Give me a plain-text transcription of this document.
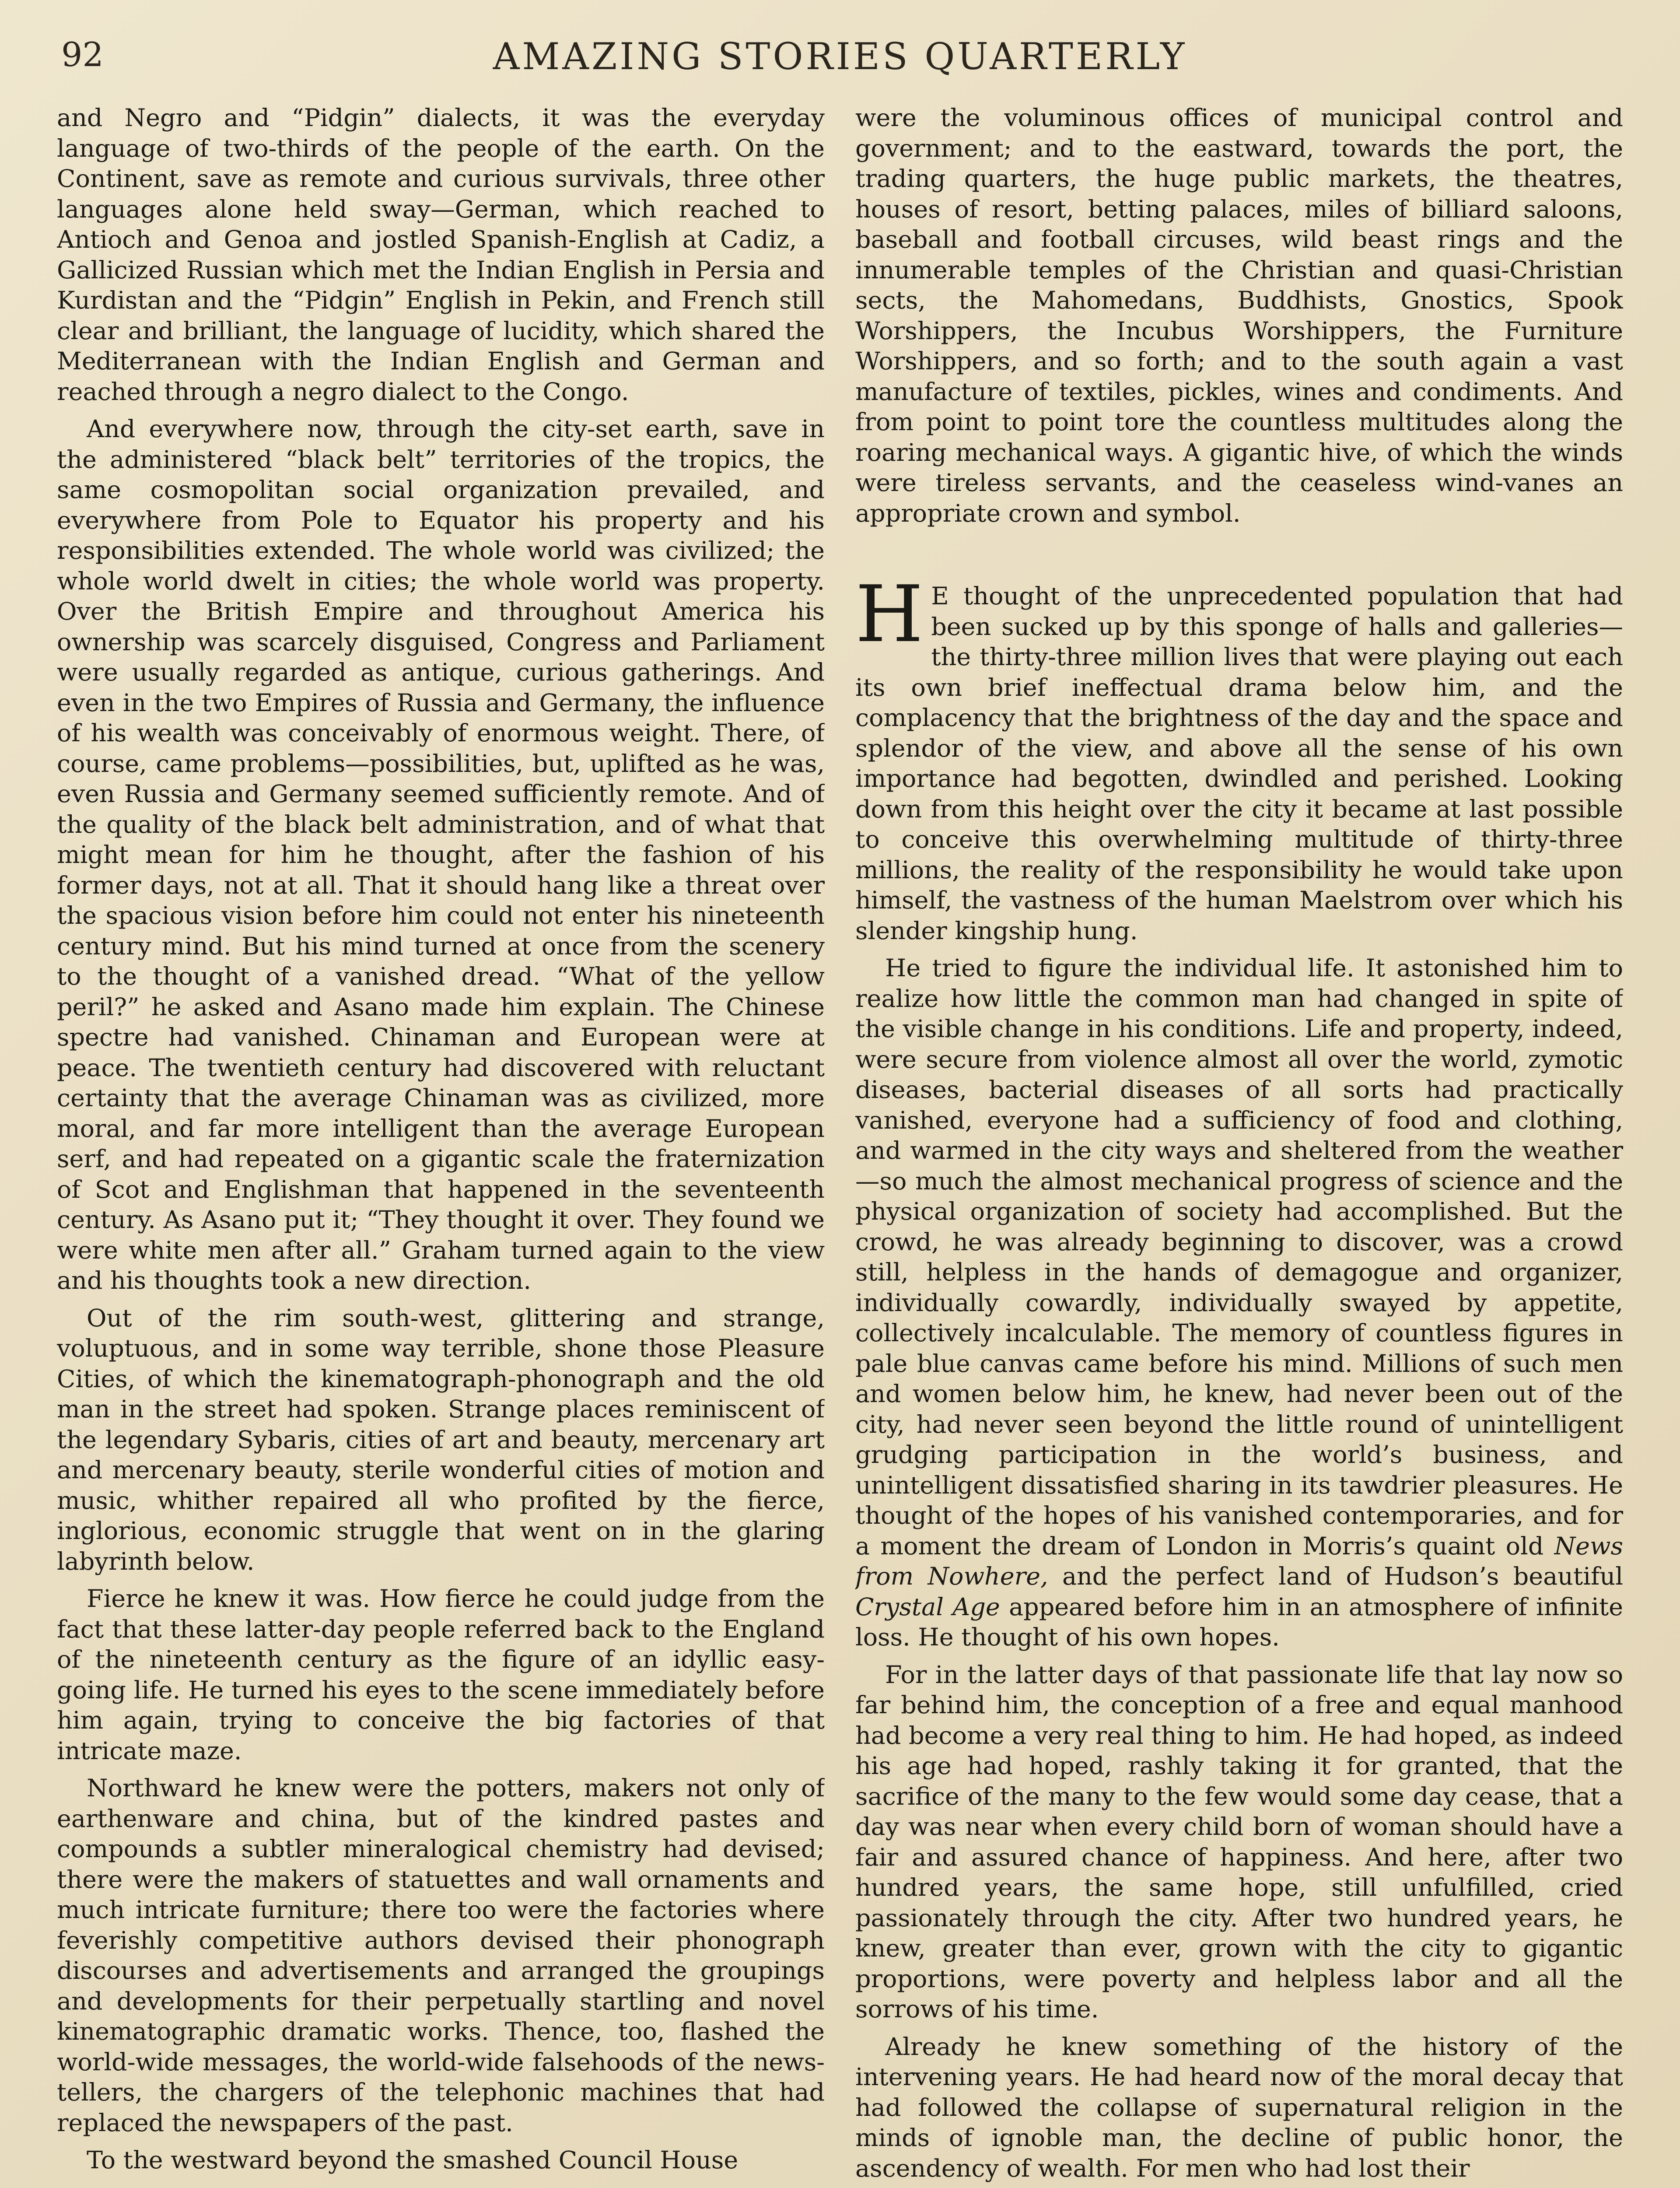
92	AMAZING STORIES QUARTERLY

and Negro and “Pidgin” dialects, it was the everyday language of two-thirds of the people of the earth. On the Continent, save as remote and curious survivals, three other languages alone held sway—German, which reached to Antioch and Genoa and jostled Spanish-English at Cadiz, a Gallicized Russian which met the Indian English in Persia and Kurdistan and the “Pidgin” English in Pekin, and French still clear and brilliant, the language of lucidity, which shared the Mediterranean with the Indian English and German and reached through a negro dialect to the Congo.

And everywhere now, through the city-set earth, save in the administered “black belt” territories of the tropics, the same cosmopolitan social organization prevailed, and everywhere from Pole to Equator his property and his responsibilities extended. The whole world was civilized; the whole world dwelt in cities; the whole world was property. Over the British Empire and throughout America his ownership was scarcely disguised, Congress and Parliament were usually regarded as antique, curious gatherings. And even in the two Empires of Russia and Germany, the influence of his wealth was conceivably of enormous weight. There, of course, came problems—possibilities, but, uplifted as he was, even Russia and Germany seemed sufficiently remote. And of the quality of the black belt administration, and of what that might mean for him he thought, after the fashion of his former days, not at all. That it should hang like a threat over the spacious vision before him could not enter his nineteenth century mind. But his mind turned at once from the scenery to the thought of a vanished dread. “What of the yellow peril?” he asked and Asano made him explain. The Chinese spectre had vanished. Chinaman and European were at peace. The twentieth century had discovered with reluctant certainty that the average Chinaman was as civilized, more moral, and far more intelligent than the average European serf, and had repeated on a gigantic scale the fraternization of Scot and Englishman that happened in the seventeenth century. As Asano put it; “They thought it over. They found we were white men after all.” Graham turned again to the view and his thoughts took a new direction.

Out of the rim south-west, glittering and strange, voluptuous, and in some way terrible, shone those Pleasure Cities, of which the kinematograph-phonograph and the old man in the street had spoken. Strange places reminiscent of the legendary Sybaris, cities of art and beauty, mercenary art and mercenary beauty, sterile wonderful cities of motion and music, whither repaired all who profited by the fierce, inglorious, economic struggle that went on in the glaring labyrinth below.

Fierce he knew it was. How fierce he could judge from the fact that these latter-day people referred back to the England of the nineteenth century as the figure of an idyllic easy-going life. He turned his eyes to the scene immediately before him again, trying to conceive the big factories of that intricate maze.

Northward he knew were the potters, makers not only of earthenware and china, but of the kindred pastes and compounds a subtler mineralogical chemistry had devised; there were the makers of statuettes and wall ornaments and much intricate furniture; there too were the factories where feverishly competitive authors devised their phonograph discourses and advertisements and arranged the groupings and developments for their perpetually startling and novel kinematographic dramatic works. Thence, too, flashed the world-wide messages, the world-wide falsehoods of the news-tellers, the chargers of the telephonic machines that had replaced the newspapers of the past.

To the westward beyond the smashed Council House

were the voluminous offices of municipal control and government; and to the eastward, towards the port, the trading quarters, the huge public markets, the theatres, houses of resort, betting palaces, miles of billiard saloons, baseball and football circuses, wild beast rings and the innumerable temples of the Christian and quasi-Christian sects, the Mahomedans, Buddhists, Gnostics, Spook Worshippers, the Incubus Worshippers, the Furniture Worshippers, and so forth; and to the south again a vast manufacture of textiles, pickles, wines and condiments. And from point to point tore the countless multitudes along the roaring mechanical ways. A gigantic hive, of which the winds were tireless servants, and the ceaseless wind-vanes an appropriate crown and symbol.

H E thought of the unprecedented population that had been sucked up by this sponge of halls and galleries—the thirty-three million lives that were playing out each its own brief ineffectual drama below him, and the complacency that the brightness of the day and the space and splendor of the view, and above all the sense of his own importance had begotten, dwindled and perished. Looking down from this height over the city it became at last possible to conceive this overwhelming multitude of thirty-three millions, the reality of the responsibility he would take upon himself, the vastness of the human Maelstrom over which his slender kingship hung.

He tried to figure the individual life. It astonished him to realize how little the common man had changed in spite of the visible change in his conditions. Life and property, indeed, were secure from violence almost all over the world, zymotic diseases, bacterial diseases of all sorts had practically vanished, everyone had a sufficiency of food and clothing, and warmed in the city ways and sheltered from the weather—so much the almost mechanical progress of science and the physical organization of society had accomplished. But the crowd, he was already beginning to discover, was a crowd still, helpless in the hands of demagogue and organizer, individually cowardly, individually swayed by appetite, collectively incalculable. The memory of countless figures in pale blue canvas came before his mind. Millions of such men and women below him, he knew, had never been out of the city, had never seen beyond the little round of unintelligent grudging participation in the world’s business, and unintelligent dissatisfied sharing in its tawdrier pleasures. He thought of the hopes of his vanished contemporaries, and for a moment the dream of London in Morris’s quaint old News from Nowhere, and the perfect land of Hudson’s beautiful Crystal Age appeared before him in an atmosphere of infinite loss. He thought of his own hopes.

For in the latter days of that passionate life that lay now so far behind him, the conception of a free and equal manhood had become a very real thing to him. He had hoped, as indeed his age had hoped, rashly taking it for granted, that the sacrifice of the many to the few would some day cease, that a day was near when every child born of woman should have a fair and assured chance of happiness. And here, after two hundred years, the same hope, still unfulfilled, cried passionately through the city. After two hundred years, he knew, greater than ever, grown with the city to gigantic proportions, were poverty and helpless labor and all the sorrows of his time.

Already he knew something of the history of the intervening years. He had heard now of the moral decay that had followed the collapse of supernatural religion in the minds of ignoble man, the decline of public honor, the ascendency of wealth. For men who had lost their
